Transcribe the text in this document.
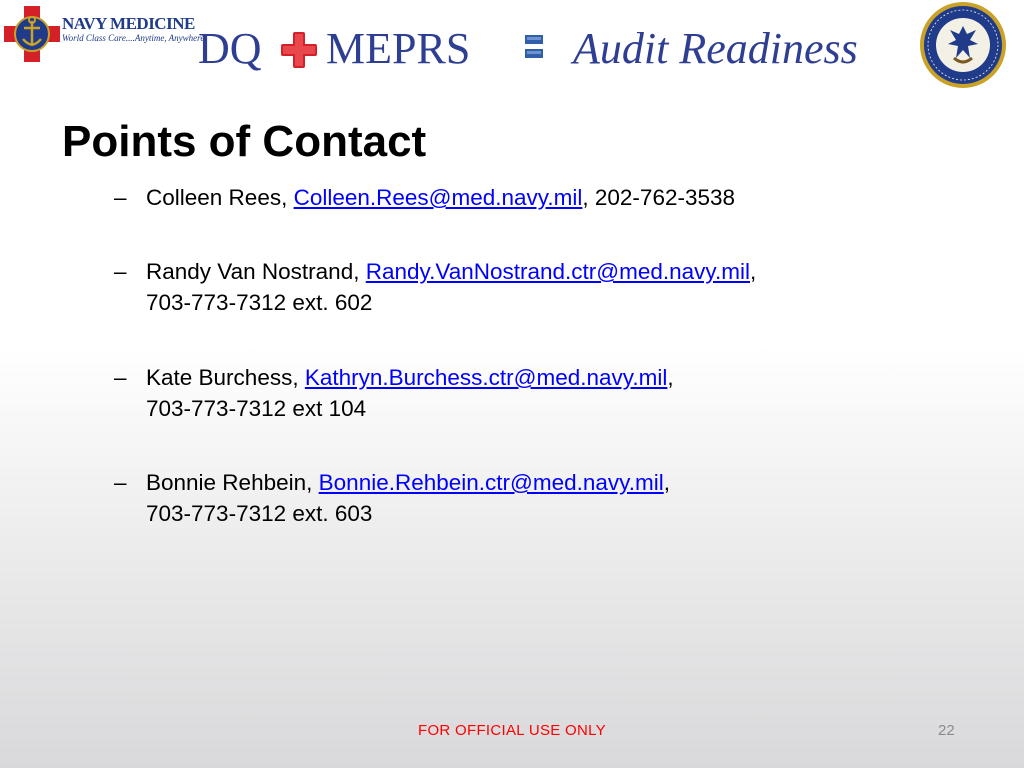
NAVY MEDICINE
World Class Care....Anytime, Anywhere
DQ MEPRS Audit Readiness
Points of Contact
– Colleen Rees, Colleen.Rees@med.navy.mil, 202-762-3538
– Randy Van Nostrand, Randy.VanNostrand.ctr@med.navy.mil,
703-773-7312 ext. 602
– Kate Burchess, Kathryn.Burchess.ctr@med.navy.mil,
703-773-7312 ext 104
– Bonnie Rehbein, Bonnie.Rehbein.ctr@med.navy.mil,
703-773-7312 ext. 603
FOR OFFICIAL USE ONLY	22
